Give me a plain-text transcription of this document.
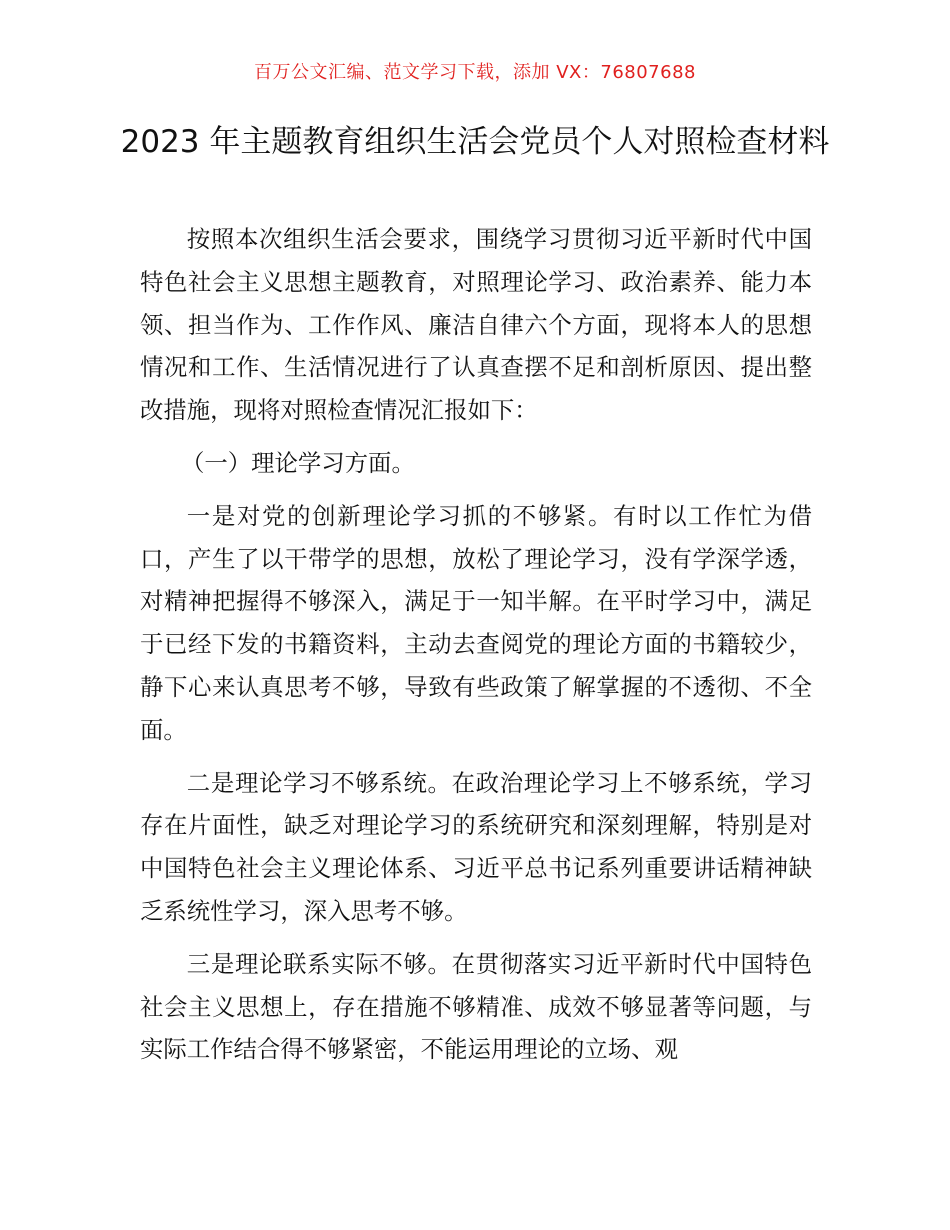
百万公文汇编、范文学习下载，添加 VX：76807688
2023 年主题教育组织生活会党员个人对照检查材料

按照本次组织生活会要求，围绕学习贯彻习近平新时代中国特色社会主义思想主题教育，对照理论学习、政治素养、能力本领、担当作为、工作作风、廉洁自律六个方面，现将本人的思想情况和工作、生活情况进行了认真查摆不足和剖析原因、提出整改措施，现将对照检查情况汇报如下：

（一）理论学习方面。

一是对党的创新理论学习抓的不够紧。有时以工作忙为借口，产生了以干带学的思想，放松了理论学习，没有学深学透，对精神把握得不够深入，满足于一知半解。在平时学习中，满足于已经下发的书籍资料，主动去查阅党的理论方面的书籍较少，静下心来认真思考不够，导致有些政策了解掌握的不透彻、不全面。

二是理论学习不够系统。在政治理论学习上不够系统，学习存在片面性，缺乏对理论学习的系统研究和深刻理解，特别是对中国特色社会主义理论体系、习近平总书记系列重要讲话精神缺乏系统性学习，深入思考不够。

三是理论联系实际不够。在贯彻落实习近平新时代中国特色社会主义思想上，存在措施不够精准、成效不够显著等问题，与实际工作结合得不够紧密，不能运用理论的立场、观
